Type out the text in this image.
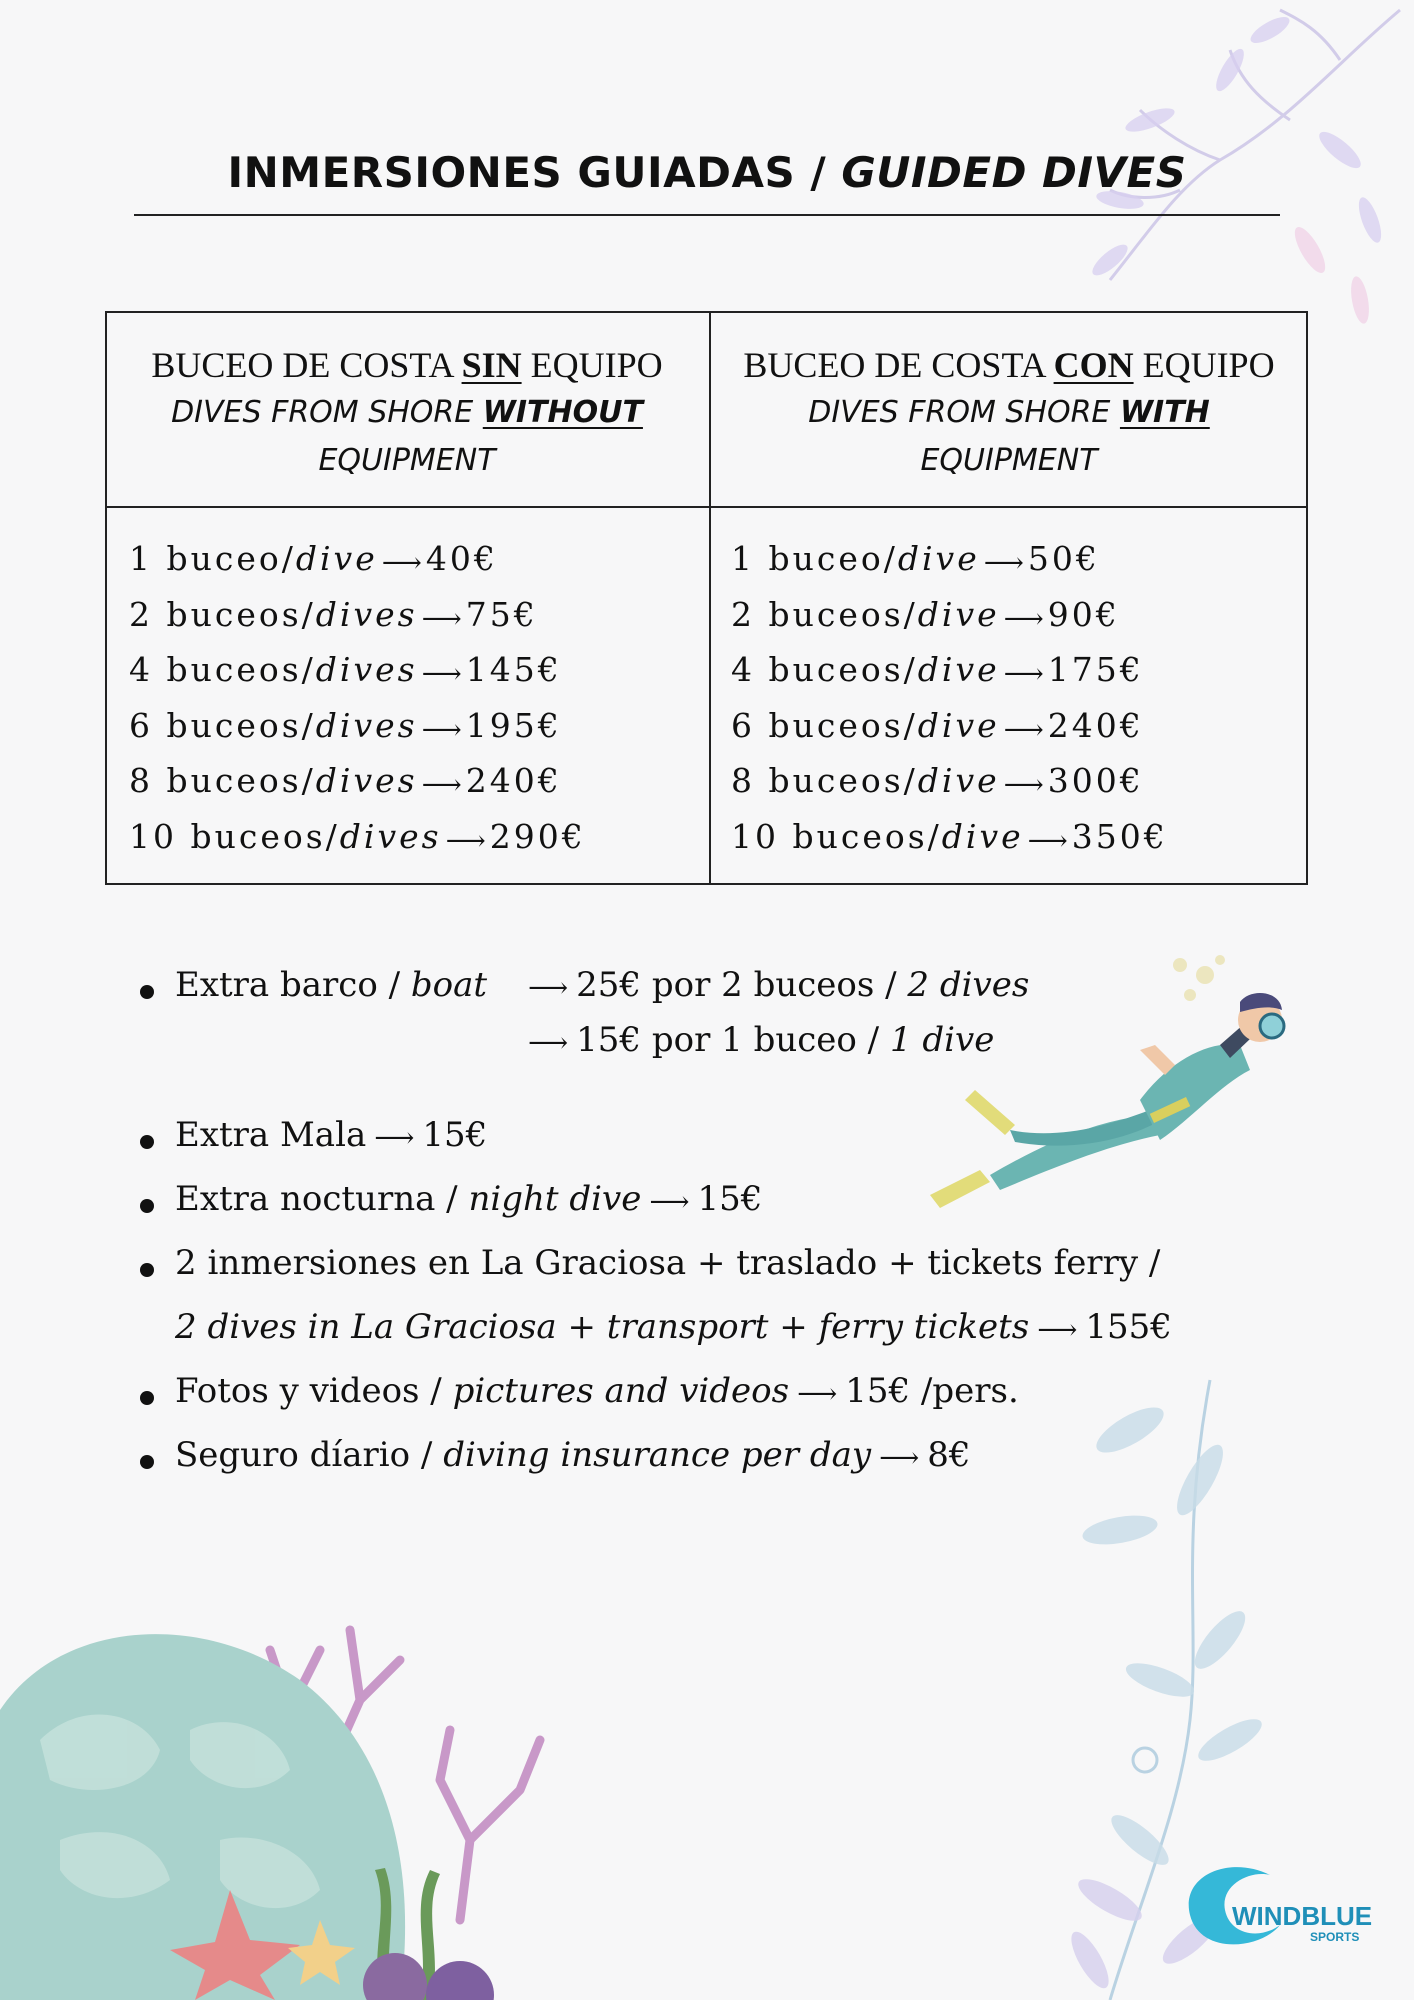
INMERSIONES GUIADAS / GUIDED DIVES
BUCEO DE COSTA SIN EQUIPO
DIVES FROM SHORE WITHOUT
EQUIPMENT
BUCEO DE COSTA CON EQUIPO
DIVES FROM SHORE WITH
EQUIPMENT
1 buceo/dive ⟶ 40€
2 buceos/dives ⟶ 75€
4 buceos/dives ⟶ 145€
6 buceos/dives ⟶ 195€
8 buceos/dives ⟶ 240€
10 buceos/dives ⟶ 290€
1 buceo/dive ⟶ 50€
2 buceos/dive ⟶ 90€
4 buceos/dive ⟶ 175€
6 buceos/dive ⟶ 240€
8 buceos/dive ⟶ 300€
10 buceos/dive ⟶ 350€
Extra barco / boat ⟶ 25€ por 2 buceos / 2 dives
⟶ 15€ por 1 buceo / 1 dive
Extra Mala ⟶ 15€
Extra nocturna / night dive ⟶ 15€
2 inmersiones en La Graciosa + traslado + tickets ferry /
2 dives in La Graciosa + transport + ferry tickets ⟶ 155€
Fotos y videos / pictures and videos ⟶ 15€ /pers.
Seguro díario / diving insurance per day ⟶ 8€
WINDBLUE
SPORTS
